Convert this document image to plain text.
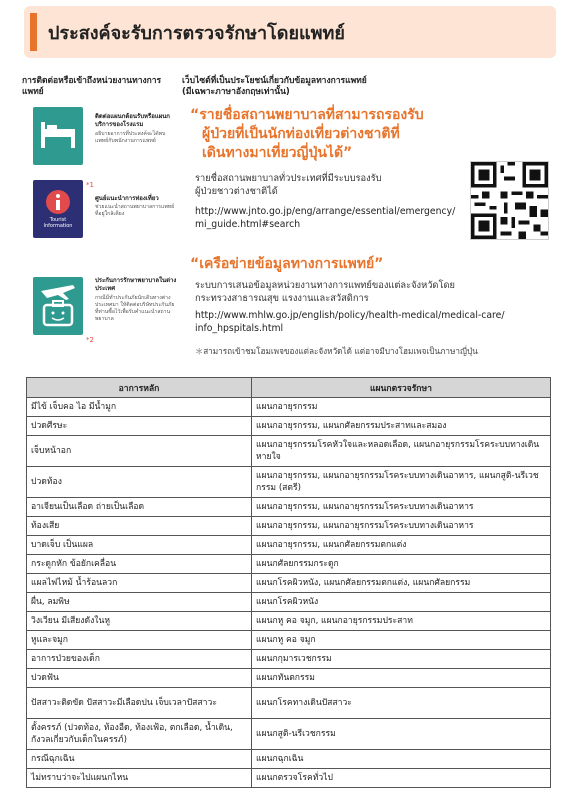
ประสงค์จะรับการตรวจรักษาโดยแพทย์
การติดต่อหรือเข้าถึงหน่วยงานทางการแพทย์
ติดต่อแผนกต้อนรับหรือแผนกบริการของโรงแรม
อธิบายอาการที่ประสงค์จะได้พบแพทย์กับพนักงานการแพทย์
Tourist
Information
*1
ศูนย์แนะนำการท่องเที่ยว
ช่วยแนะนำสถานพยาบาลการแพทย์ที่อยู่ใกล้เคียง
*2
ประกันการรักษาพยาบาลในต่างประเทศ
กรณีมีทำประกันภัยนักเดินทางต่างประเทศมา ให้ติดต่อบริษัทประกันภัยที่ท่านซื้อไว้เพื่อรับคำแนะนำสถานพยาบาล
เว็บไซต์ที่เป็นประโยชน์เกี่ยวกับข้อมูลทางการแพทย์
(มีเฉพาะภาษาอังกฤษเท่านั้น)
“รายชื่อสถานพยาบาลที่สามารถรองรับ
ผู้ป่วยที่เป็นนักท่องเที่ยวต่างชาติที่
เดินทางมาเที่ยวญี่ปุ่นได้”
รายชื่อสถานพยาบาลทั่วประเทศที่มีระบบรองรับ
ผู้ป่วยชาวต่างชาติได้
http://www.jnto.go.jp/eng/arrange/essential/emergency/
mi_guide.html#search
“เครือข่ายข้อมูลทางการแพทย์”
ระบบการเสนอข้อมูลหน่วยงานทางการแพทย์ของแต่ละจังหวัดโดย
กระทรวงสาธารณสุข แรงงานและสวัสดิการ
http://www.mhlw.go.jp/english/policy/health-medical/medical-care/
info_hpspitals.html
＊สามารถเข้าชมโฮมเพจของแต่ละจังหวัดได้ แต่อาจมีบางโฮมเพจเป็นภาษาญี่ปุ่น
อาการหลัก	แผนกตรวจรักษา
มีไข้ เจ็บคอ ไอ มีน้ำมูก	แผนกอายุรกรรม
ปวดศีรษะ	แผนกอายุรกรรม, แผนกศัลยกรรมประสาทและสมอง
เจ็บหน้าอก	แผนกอายุรกรรมโรคหัวใจและหลอดเลือด, แผนกอายุรกรรมโรคระบบทางเดินหายใจ
ปวดท้อง	แผนกอายุรกรรม, แผนกอายุรกรรมโรคระบบทางเดินอาหาร, แผนกสูติ-นรีเวชกรรม (สตรี)
อาเจียนเป็นเลือด ถ่ายเป็นเลือด	แผนกอายุรกรรม, แผนกอายุรกรรมโรคระบบทางเดินอาหาร
ท้องเสีย	แผนกอายุรกรรม, แผนกอายุรกรรมโรคระบบทางเดินอาหาร
บาดเจ็บ เป็นแผล	แผนกอายุรกรรม, แผนกศัลยกรรมตกแต่ง
กระดูกหัก ข้อยักเคลื่อน	แผนกศัลยกรรมกระดูก
แผลไฟไหม้ น้ำร้อนลวก	แผนกโรคผิวหนัง, แผนกศัลยกรรมตกแต่ง, แผนกศัลยกรรม
ผื่น, ลมพิษ	แผนกโรคผิวหนัง
วิงเวียน มีเสียงดังในหู	แผนกหู คอ จมูก, แผนกอายุรกรรมประสาท
หูและจมูก	แผนกหู คอ จมูก
อาการป่วยของเด็ก	แผนกกุมารเวชกรรม
ปวดฟัน	แผนกทันตกรรม
ปัสสาวะติดขัด ปัสสาวะมีเลือดปน เจ็บเวลาปัสสาวะ	แผนกโรคทางเดินปัสสาวะ
ตั้งครรภ์ (ปวดท้อง, ท้องอืด, ท้องเฟ้อ, ตกเลือด, น้ำเดิน, กังวลเกี่ยวกับเด็กในครรภ์)	แผนกสูติ-นรีเวชกรรม
กรณีฉุกเฉิน	แผนกฉุกเฉิน
ไม่ทราบว่าจะไปแผนกไหน	แผนกตรวจโรคทั่วไป
